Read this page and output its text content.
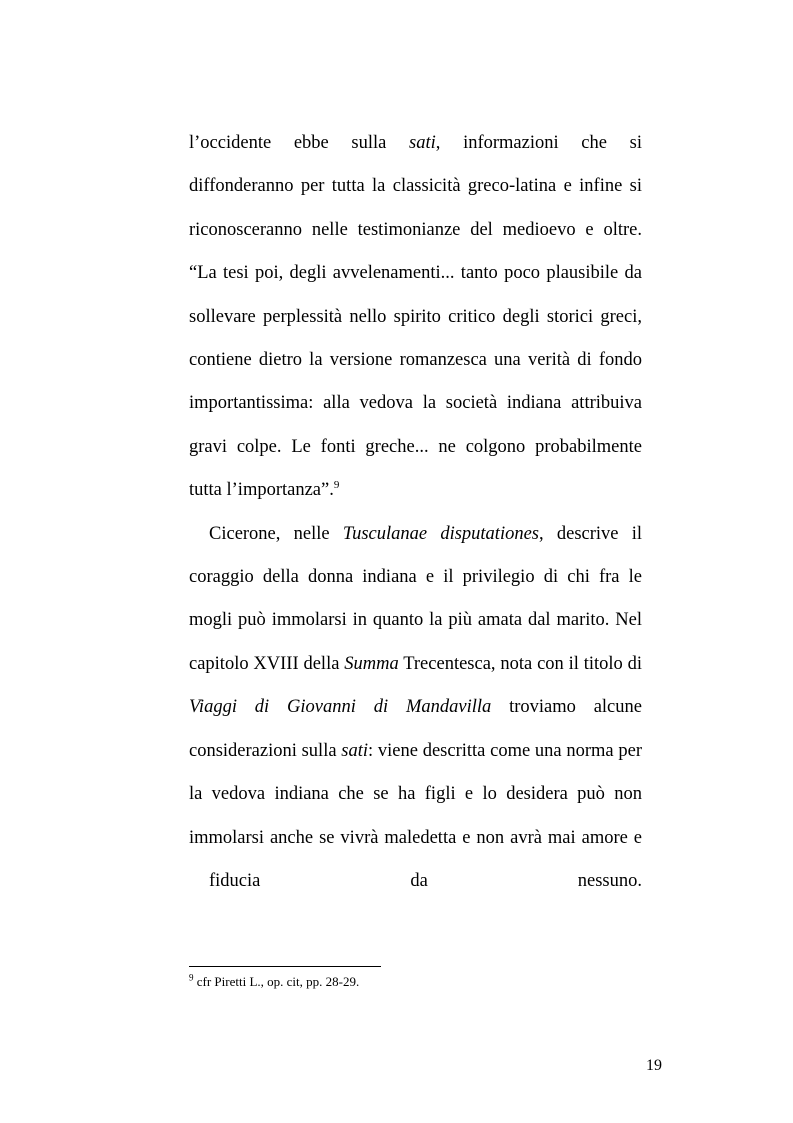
l’occidente ebbe sulla sati, informazioni che si diffonderanno per tutta la classicità greco-latina e infine si riconosceranno nelle testimonianze del medioevo e oltre. “La tesi poi, degli avvelenamenti... tanto poco plausibile da sollevare perplessità nello spirito critico degli storici greci, contiene dietro la versione romanzesca una verità di fondo importantissima: alla vedova la società indiana attribuiva gravi colpe. Le fonti greche... ne colgono probabilmente tutta l’importanza”.$^9$

Cicerone, nelle Tusculanae disputationes, descrive il coraggio della donna indiana e il privilegio di chi fra le mogli può immolarsi in quanto la più amata dal marito. Nel capitolo XVIII della Summa Trecentesca, nota con il titolo di Viaggi di Giovanni di Mandavilla troviamo alcune considerazioni sulla sati: viene descritta come una norma per la vedova indiana che se ha figli e lo desidera può non immolarsi anche se vivrà maledetta e non avrà mai amore e fiducia da nessuno.

$^9$ cfr Piretti L., op. cit, pp. 28-29.

19
